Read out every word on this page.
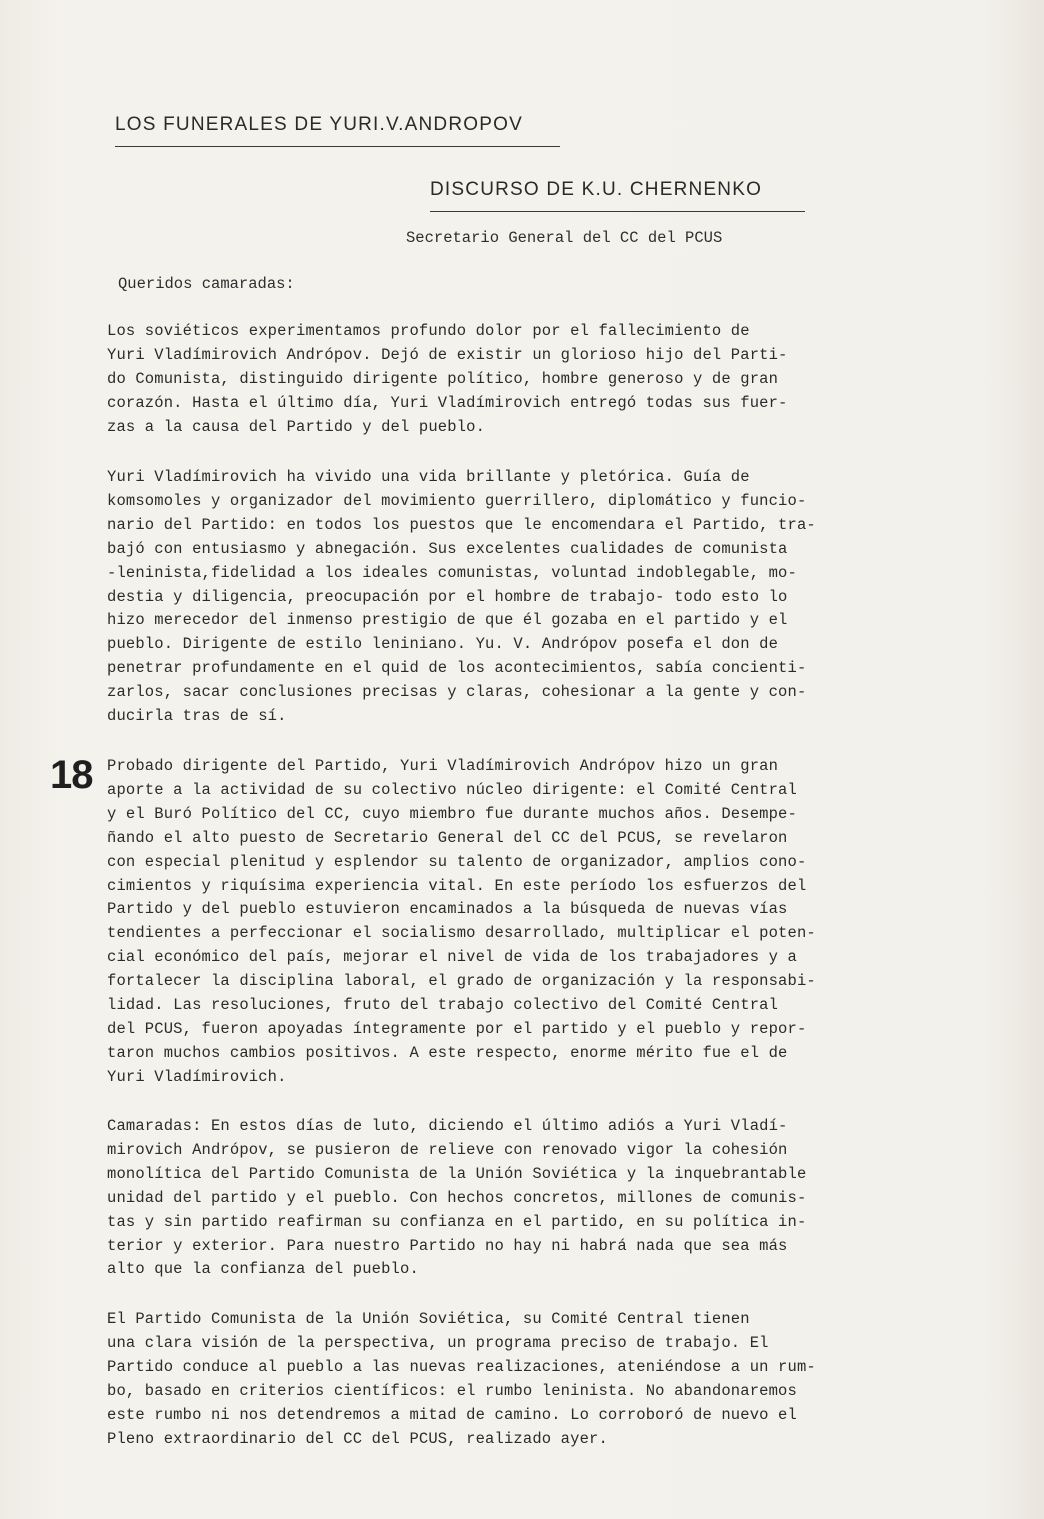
LOS FUNERALES DE YURI.V.ANDROPOV
DISCURSO DE K.U. CHERNENKO
Secretario General del CC del PCUS
Queridos camaradas:

Los soviéticos experimentamos profundo dolor por el fallecimiento de
Yuri Vladímirovich Andrópov. Dejó de existir un glorioso hijo del Parti-
do Comunista, distinguido dirigente político, hombre generoso y de gran
corazón. Hasta el último día, Yuri Vladímirovich entregó todas sus fuer-
zas a la causa del Partido y del pueblo.

Yuri Vladímirovich ha vivido una vida brillante y pletórica. Guía de
komsomoles y organizador del movimiento guerrillero, diplomático y funcio-
nario del Partido: en todos los puestos que le encomendara el Partido, tra-
bajó con entusiasmo y abnegación. Sus excelentes cualidades de comunista
-leninista,fidelidad a los ideales comunistas, voluntad indoblegable, mo-
destia y diligencia, preocupación por el hombre de trabajo- todo esto lo
hizo merecedor del inmenso prestigio de que él gozaba en el partido y el
pueblo. Dirigente de estilo leniniano. Yu. V. Andrópov posefa el don de
penetrar profundamente en el quid de los acontecimientos, sabía concienti-
zarlos, sacar conclusiones precisas y claras, cohesionar a la gente y con-
ducirla tras de sí.

18 Probado dirigente del Partido, Yuri Vladímirovich Andrópov hizo un gran
aporte a la actividad de su colectivo núcleo dirigente: el Comité Central
y el Buró Político del CC, cuyo miembro fue durante muchos años. Desempe-
ñando el alto puesto de Secretario General del CC del PCUS, se revelaron
con especial plenitud y esplendor su talento de organizador, amplios cono-
cimientos y riquísima experiencia vital. En este período los esfuerzos del
Partido y del pueblo estuvieron encaminados a la búsqueda de nuevas vías
tendientes a perfeccionar el socialismo desarrollado, multiplicar el poten-
cial económico del país, mejorar el nivel de vida de los trabajadores y a
fortalecer la disciplina laboral, el grado de organización y la responsabi-
lidad. Las resoluciones, fruto del trabajo colectivo del Comité Central
del PCUS, fueron apoyadas íntegramente por el partido y el pueblo y repor-
taron muchos cambios positivos. A este respecto, enorme mérito fue el de
Yuri Vladímirovich.

Camaradas: En estos días de luto, diciendo el último adiós a Yuri Vladí-
mirovich Andrópov, se pusieron de relieve con renovado vigor la cohesión
monolítica del Partido Comunista de la Unión Soviética y la inquebrantable
unidad del partido y el pueblo. Con hechos concretos, millones de comunis-
tas y sin partido reafirman su confianza en el partido, en su política in-
terior y exterior. Para nuestro Partido no hay ni habrá nada que sea más
alto que la confianza del pueblo.

El Partido Comunista de la Unión Soviética, su Comité Central tienen
una clara visión de la perspectiva, un programa preciso de trabajo. El
Partido conduce al pueblo a las nuevas realizaciones, ateniéndose a un rum-
bo, basado en criterios científicos: el rumbo leninista. No abandonaremos
este rumbo ni nos detendremos a mitad de camino. Lo corroboró de nuevo el
Pleno extraordinario del CC del PCUS, realizado ayer.
